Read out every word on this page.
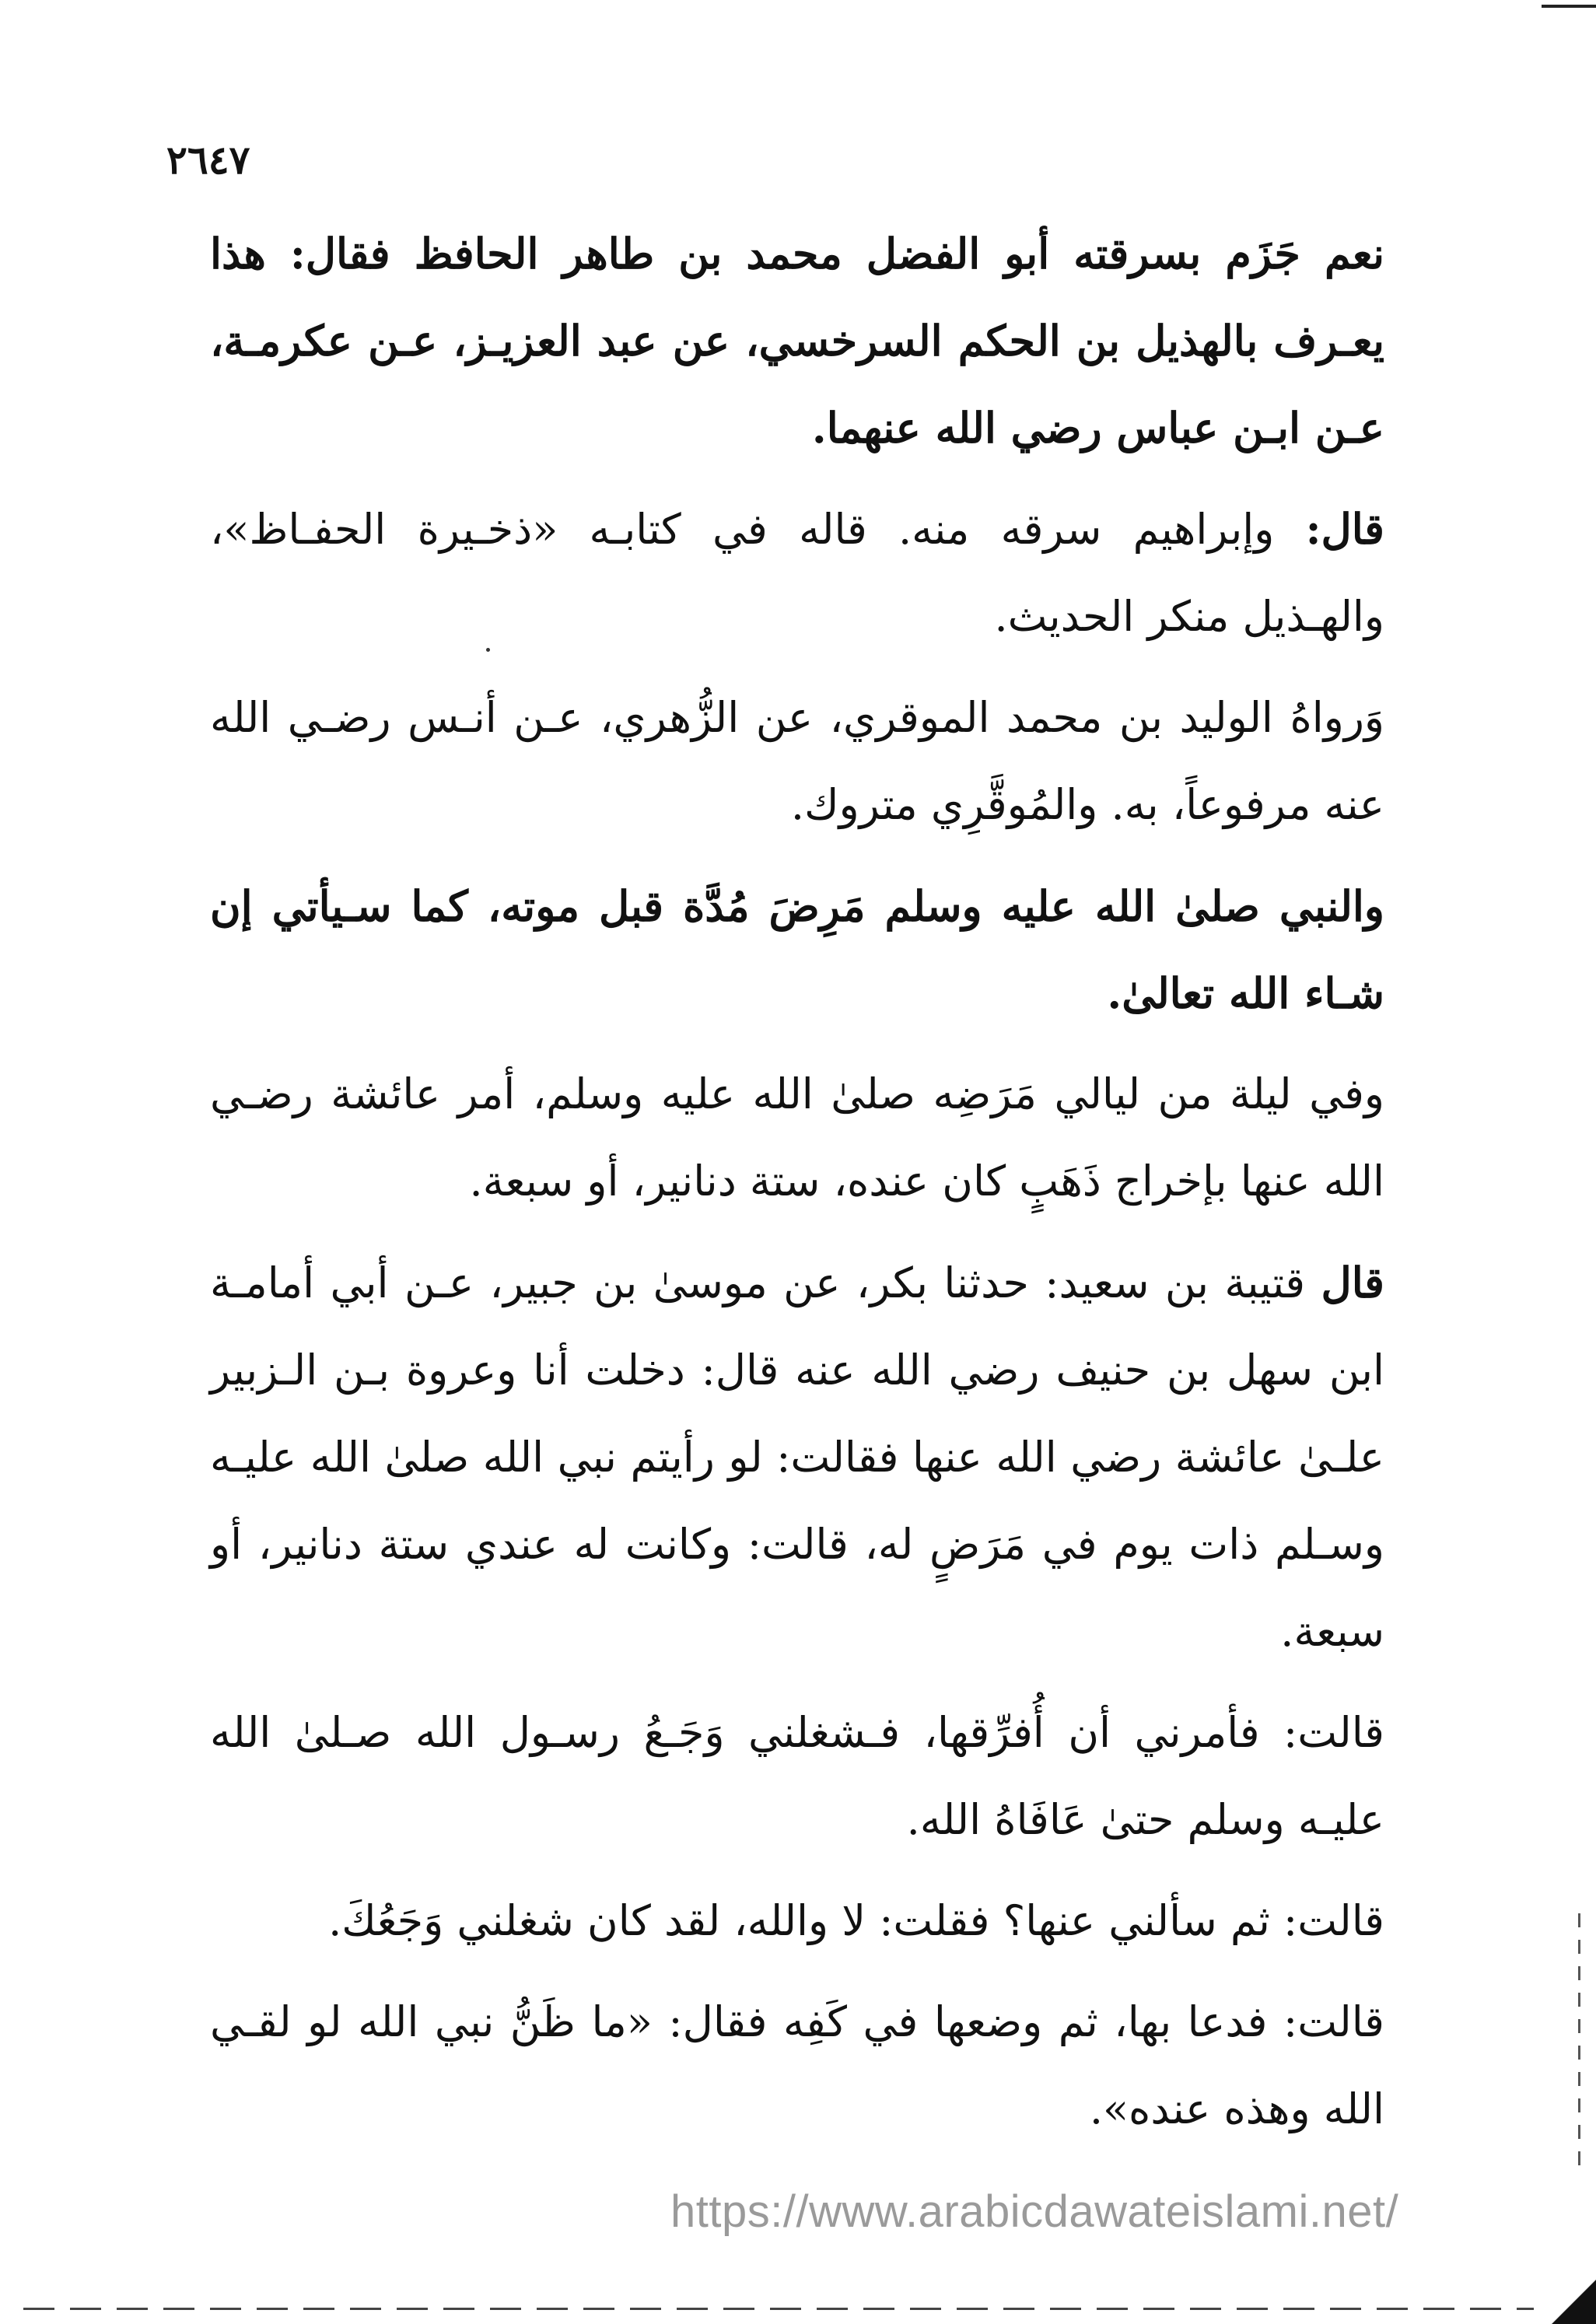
٢٦٤٧

نعم جَزَم بسرقته أبو الفضل محمد بن طاهر الحافظ فقال: هذا يعـرف بالهذيل بن الحكم السرخسي، عن عبد العزيـز، عـن عكرمـة، عـن ابـن عباس رضي الله عنهما.

قال: وإبراهيم سرقه منه. قاله في كتابـه «ذخـيرة الحفـاظ»، والهـذيل منكر الحديث.

وَرواهُ الوليد بن محمد الموقري، عن الزُّهري، عـن أنـس رضـي الله عنه مرفوعاً، به. والمُوقَّرِي متروك.

والنبي صلىٰ الله عليه وسلم مَرِضَ مُدَّة قبل موته، كما سـيأتي إن شـاء الله تعالىٰ.

وفي ليلة من ليالي مَرَضِه صلىٰ الله عليه وسلم، أمر عائشة رضـي الله عنها بإخراج ذَهَبٍ كان عنده، ستة دنانير، أو سبعة.

قال قتيبة بن سعيد: حدثنا بكر، عن موسىٰ بن جبير، عـن أبي أمامـة ابن سهل بن حنيف رضي الله عنه قال: دخلت أنا وعروة بـن الـزبير علـىٰ عائشة رضي الله عنها فقالت: لو رأيتم نبي الله صلىٰ الله عليـه وسـلم ذات يوم في مَرَضٍ له، قالت: وكانت له عندي ستة دنانير، أو سبعة.

قالت: فأمرني أن أُفرِّقها، فـشغلني وَجَـعُ رسـول الله صـلىٰ الله عليـه وسلم حتىٰ عَافَاهُ الله.

قالت: ثم سألني عنها؟ فقلت: لا والله، لقد كان شغلني وَجَعُكَ.

قالت: فدعا بها، ثم وضعها في كَفِه فقال: «ما ظَنُّ نبي الله لو لقـي الله وهذه عنده».

https://www.arabicdawateislami.net/
